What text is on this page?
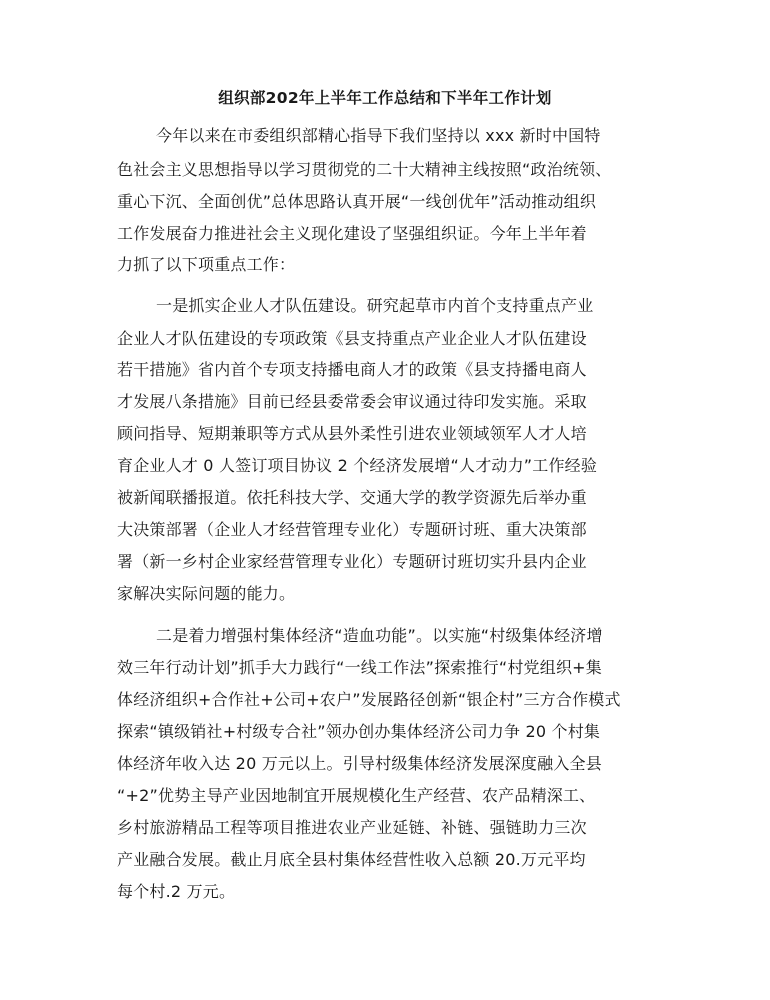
组织部202年上半年工作总结和下半年工作计划
今年以来在市委组织部精心指导下我们坚持以 xxx 新时中国特
色社会主义思想指导以学习贯彻党的二十大精神主线按照“政治统领、
重心下沉、全面创优”总体思路认真开展“一线创优年”活动推动组织
工作发展奋力推进社会主义现化建设了坚强组织证。今年上半年着
力抓了以下项重点工作：
一是抓实企业人才队伍建设。研究起草市内首个支持重点产业
企业人才队伍建设的专项政策《县支持重点产业企业人才队伍建设
若干措施》省内首个专项支持播电商人才的政策《县支持播电商人
才发展八条措施》目前已经县委常委会审议通过待印发实施。采取
顾问指导、短期兼职等方式从县外柔性引进农业领域领军人才人培
育企业人才 0 人签订项目协议 2 个经济发展增“人才动力”工作经验
被新闻联播报道。依托科技大学、交通大学的教学资源先后举办重
大决策部署（企业人才经营管理专业化）专题研讨班、重大决策部
署（新一乡村企业家经营管理专业化）专题研讨班切实升县内企业
家解决实际问题的能力。
二是着力增强村集体经济“造血功能”。以实施“村级集体经济增
效三年行动计划”抓手大力践行“一线工作法”探索推行“村党组织+集
体经济组织+合作社+公司+农户”发展路径创新“银企村”三方合作模式
探索“镇级销社+村级专合社”领办创办集体经济公司力争 20 个村集
体经济年收入达 20 万元以上。引导村级集体经济发展深度融入全县
“+2”优势主导产业因地制宜开展规模化生产经营、农产品精深工、
乡村旅游精品工程等项目推进农业产业延链、补链、强链助力三次
产业融合发展。截止月底全县村集体经营性收入总额 20.万元平均
每个村.2 万元。
